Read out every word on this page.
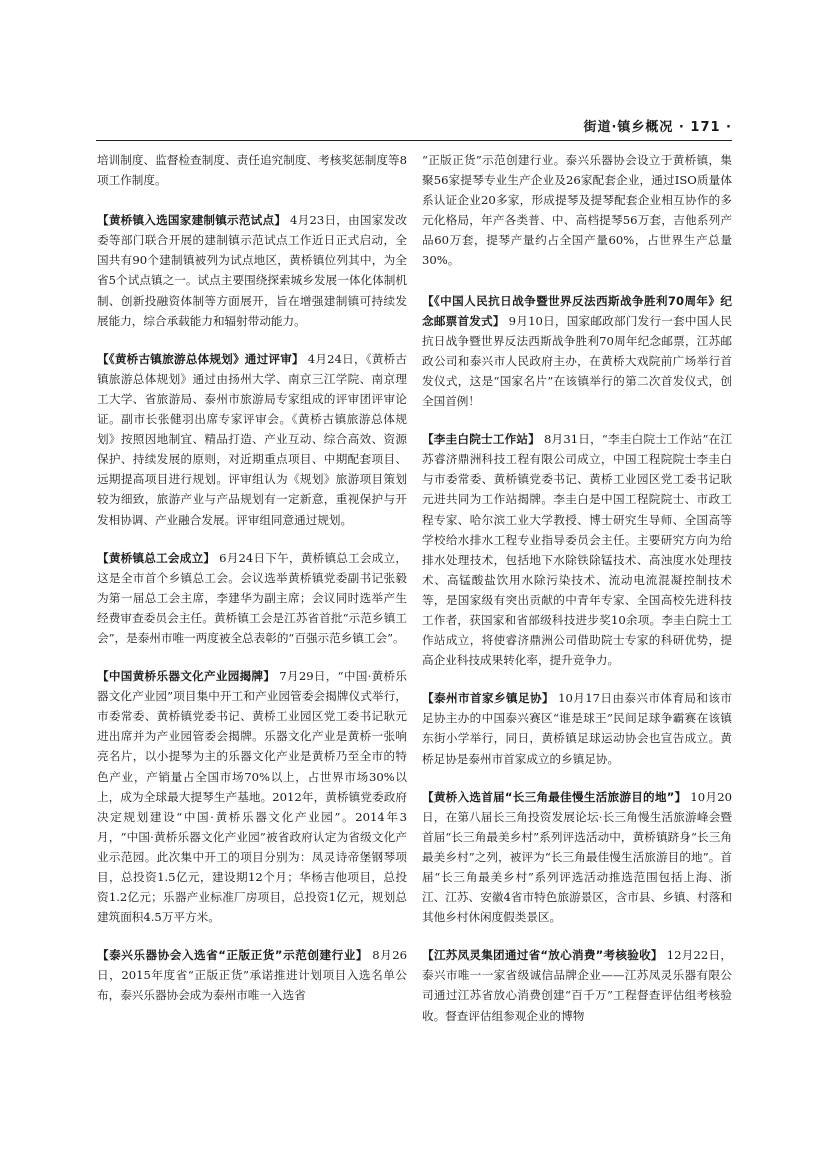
街道·镇乡概况 · 171 ·

培训制度、监督检查制度、责任追究制度、考核奖惩制度等8项工作制度。

【黄桥镇入选国家建制镇示范试点】 4月23日，由国家发改委等部门联合开展的建制镇示范试点工作近日正式启动，全国共有90个建制镇被列为试点地区，黄桥镇位列其中，为全省5个试点镇之一。试点主要围绕探索城乡发展一体化体制机制、创新投融资体制等方面展开，旨在增强建制镇可持续发展能力，综合承载能力和辐射带动能力。

【《黄桥古镇旅游总体规划》通过评审】 4月24日，《黄桥古镇旅游总体规划》通过由扬州大学、南京三江学院、南京理工大学、省旅游局、泰州市旅游局专家组成的评审团评审论证。副市长张健羽出席专家评审会。《黄桥古镇旅游总体规划》按照因地制宜、精品打造、产业互动、综合高效、资源保护、持续发展的原则，对近期重点项目、中期配套项目、远期提高项目进行规划。评审组认为《规划》旅游项目策划较为细致，旅游产业与产品规划有一定新意，重视保护与开发相协调、产业融合发展。评审组同意通过规划。

【黄桥镇总工会成立】 6月24日下午，黄桥镇总工会成立，这是全市首个乡镇总工会。会议选举黄桥镇党委副书记张毅为第一届总工会主席，李建华为副主席；会议同时选举产生经费审查委员会主任。黄桥镇工会是江苏省首批“示范乡镇工会”，是泰州市唯一两度被全总表彰的“百强示范乡镇工会”。

【中国黄桥乐器文化产业园揭牌】 7月29日，“中国·黄桥乐器文化产业园”项目集中开工和产业园管委会揭牌仪式举行，市委常委、黄桥镇党委书记、黄桥工业园区党工委书记耿元进出席并为产业园管委会揭牌。乐器文化产业是黄桥一张响亮名片，以小提琴为主的乐器文化产业是黄桥乃至全市的特色产业，产销量占全国市场70%以上，占世界市场30%以上，成为全球最大提琴生产基地。2012年，黄桥镇党委政府决定规划建设“中国·黄桥乐器文化产业园”。2014年3月，“中国·黄桥乐器文化产业园”被省政府认定为省级文化产业示范园。此次集中开工的项目分别为：凤灵诗帝堡钢琴项目，总投资1.5亿元，建设期12个月；华杨吉他项目，总投资1.2亿元；乐器产业标准厂房项目，总投资1亿元，规划总建筑面积4.5万平方米。

【泰兴乐器协会入选省“正版正货”示范创建行业】 8月26日，2015年度省“正版正货”承诺推进计划项目入选名单公布，泰兴乐器协会成为泰州市唯一入选省

“正版正货”示范创建行业。泰兴乐器协会设立于黄桥镇，集聚56家提琴专业生产企业及26家配套企业，通过ISO质量体系认证企业20多家，形成提琴及提琴配套企业相互协作的多元化格局，年产各类普、中、高档提琴56万套，吉他系列产品60万套，提琴产量约占全国产量60%，占世界生产总量30%。

【《中国人民抗日战争暨世界反法西斯战争胜利70周年》纪念邮票首发式】 9月10日，国家邮政部门发行一套中国人民抗日战争暨世界反法西斯战争胜利70周年纪念邮票，江苏邮政公司和泰兴市人民政府主办，在黄桥大戏院前广场举行首发仪式，这是“国家名片”在该镇举行的第二次首发仪式，创全国首例！

【李圭白院士工作站】 8月31日，“李圭白院士工作站”在江苏睿济鼎洲科技工程有限公司成立，中国工程院院士李圭白与市委常委、黄桥镇党委书记、黄桥工业园区党工委书记耿元进共同为工作站揭牌。李圭白是中国工程院院士、市政工程专家、哈尔滨工业大学教授、博士研究生导师、全国高等学校给水排水工程专业指导委员会主任。主要研究方向为给排水处理技术，包括地下水除铁除锰技术、高浊度水处理技术、高锰酸盐饮用水除污染技术、流动电流混凝控制技术等，是国家级有突出贡献的中青年专家、全国高校先进科技工作者，获国家和省部级科技进步奖10余项。李圭白院士工作站成立，将使睿济鼎洲公司借助院士专家的科研优势，提高企业科技成果转化率，提升竞争力。

【泰州市首家乡镇足协】 10月17日由泰兴市体育局和该市足协主办的中国泰兴赛区“谁是球王”民间足球争霸赛在该镇东街小学举行，同日，黄桥镇足球运动协会也宣告成立。黄桥足协是泰州市首家成立的乡镇足协。

【黄桥入选首届“长三角最佳慢生活旅游目的地”】 10月20日，在第八届长三角投资发展论坛·长三角慢生活旅游峰会暨首届“长三角最美乡村”系列评选活动中，黄桥镇跻身“长三角最美乡村”之列，被评为“长三角最佳慢生活旅游目的地”。首届“长三角最美乡村”系列评选活动推选范围包括上海、浙江、江苏、安徽4省市特色旅游景区，含市县、乡镇、村落和其他乡村休闲度假类景区。

【江苏凤灵集团通过省“放心消费”考核验收】 12月22日，泰兴市唯一一家省级诚信品牌企业——江苏凤灵乐器有限公司通过江苏省放心消费创建“百千万”工程督查评估组考核验收。督查评估组参观企业的博物
